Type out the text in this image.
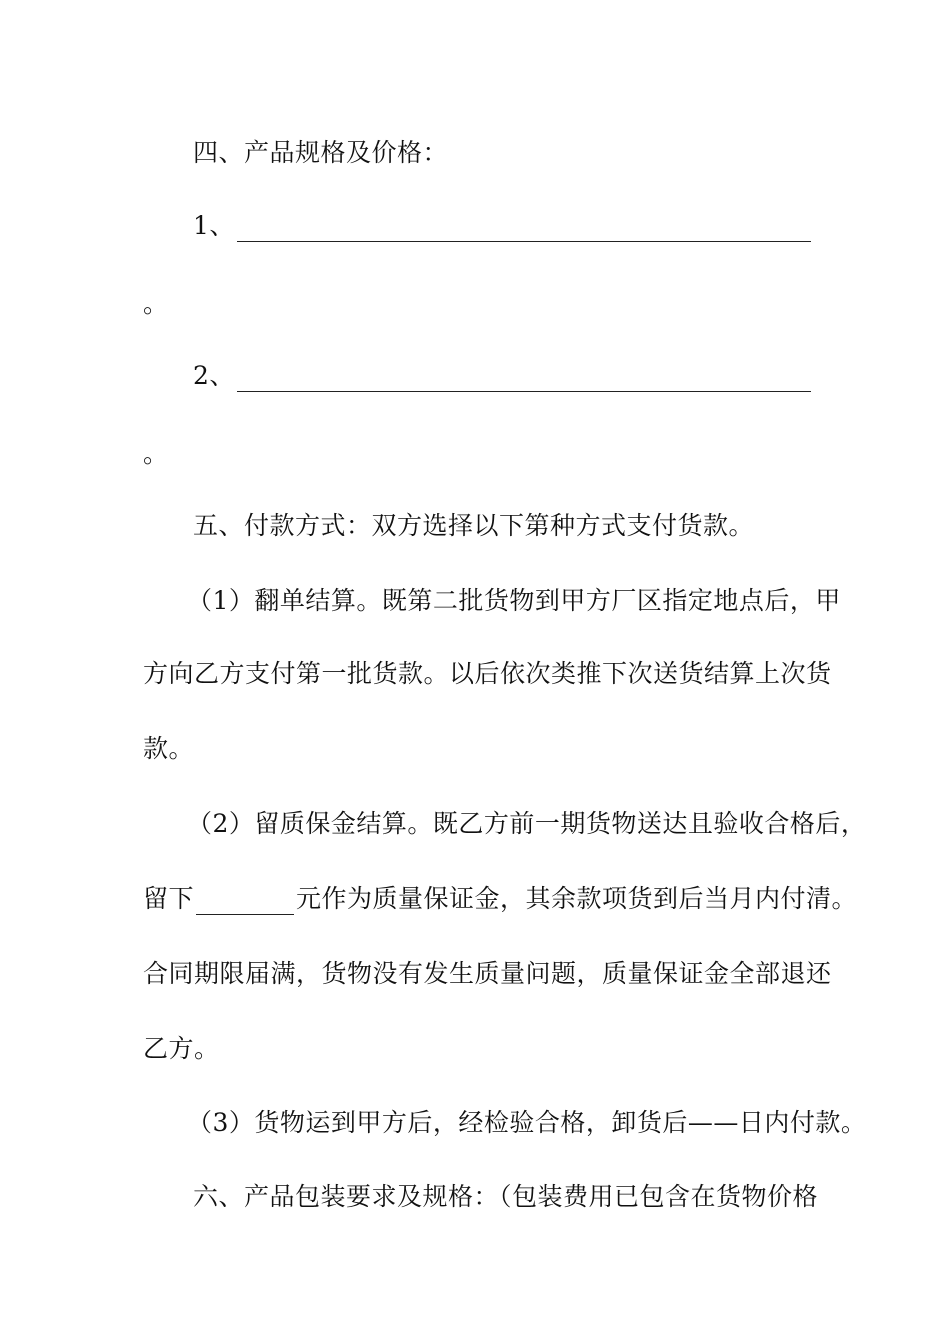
四、产品规格及价格：
1、
。
2、
。
五、付款方式：双方选择以下第种方式支付货款。
（1）翻单结算。既第二批货物到甲方厂区指定地点后，甲
方向乙方支付第一批货款。以后依次类推下次送货结算上次货
款。
（2）留质保金结算。既乙方前一期货物送达且验收合格后，
留下	元作为质量保证金，其余款项货到后当月内付清。
合同期限届满，货物没有发生质量问题，质量保证金全部退还
乙方。
（3）货物运到甲方后，经检验合格，卸货后——日内付款。
六、产品包装要求及规格：（包装费用已包含在货物价格
